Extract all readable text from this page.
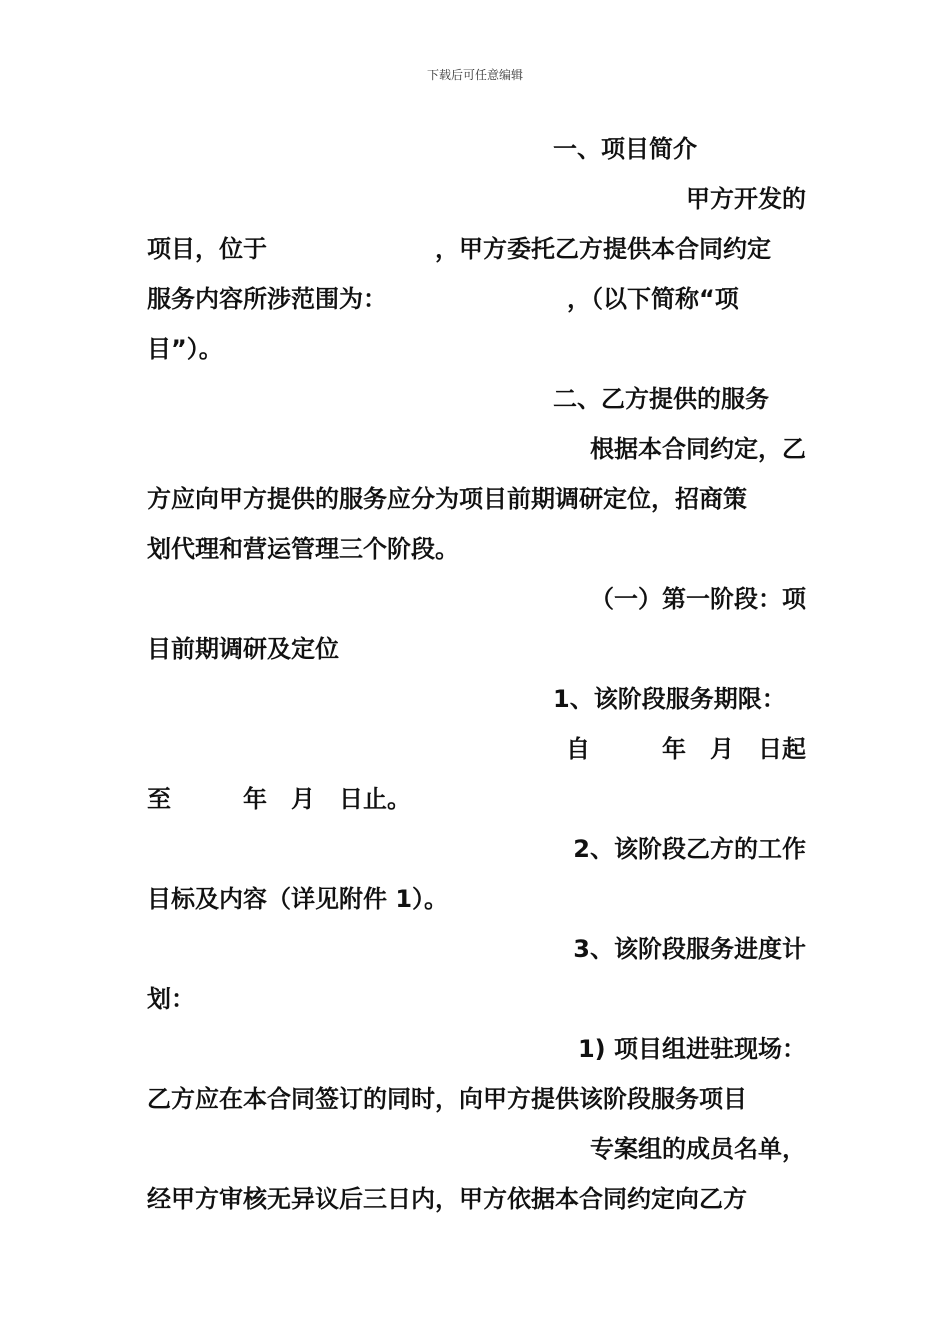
下载后可任意编辑
一、项目简介
甲方开发的
项目，位于　　　　　　　，甲方委托乙方提供本合同约定
服务内容所涉范围为：　　　　　　　　，（以下简称“项
目”）。
二、乙方提供的服务
根据本合同约定，乙
方应向甲方提供的服务应分为项目前期调研定位，招商策
划代理和营运管理三个阶段。
（一）第一阶段：项
目前期调研及定位
1、该阶段服务期限：
自　　　年　月　日起
至　　　年　月　日止。
2、该阶段乙方的工作
目标及内容（详见附件 1）。
3、该阶段服务进度计
划：
1) 项目组进驻现场：
乙方应在本合同签订的同时，向甲方提供该阶段服务项目
专案组的成员名单，
经甲方审核无异议后三日内，甲方依据本合同约定向乙方
